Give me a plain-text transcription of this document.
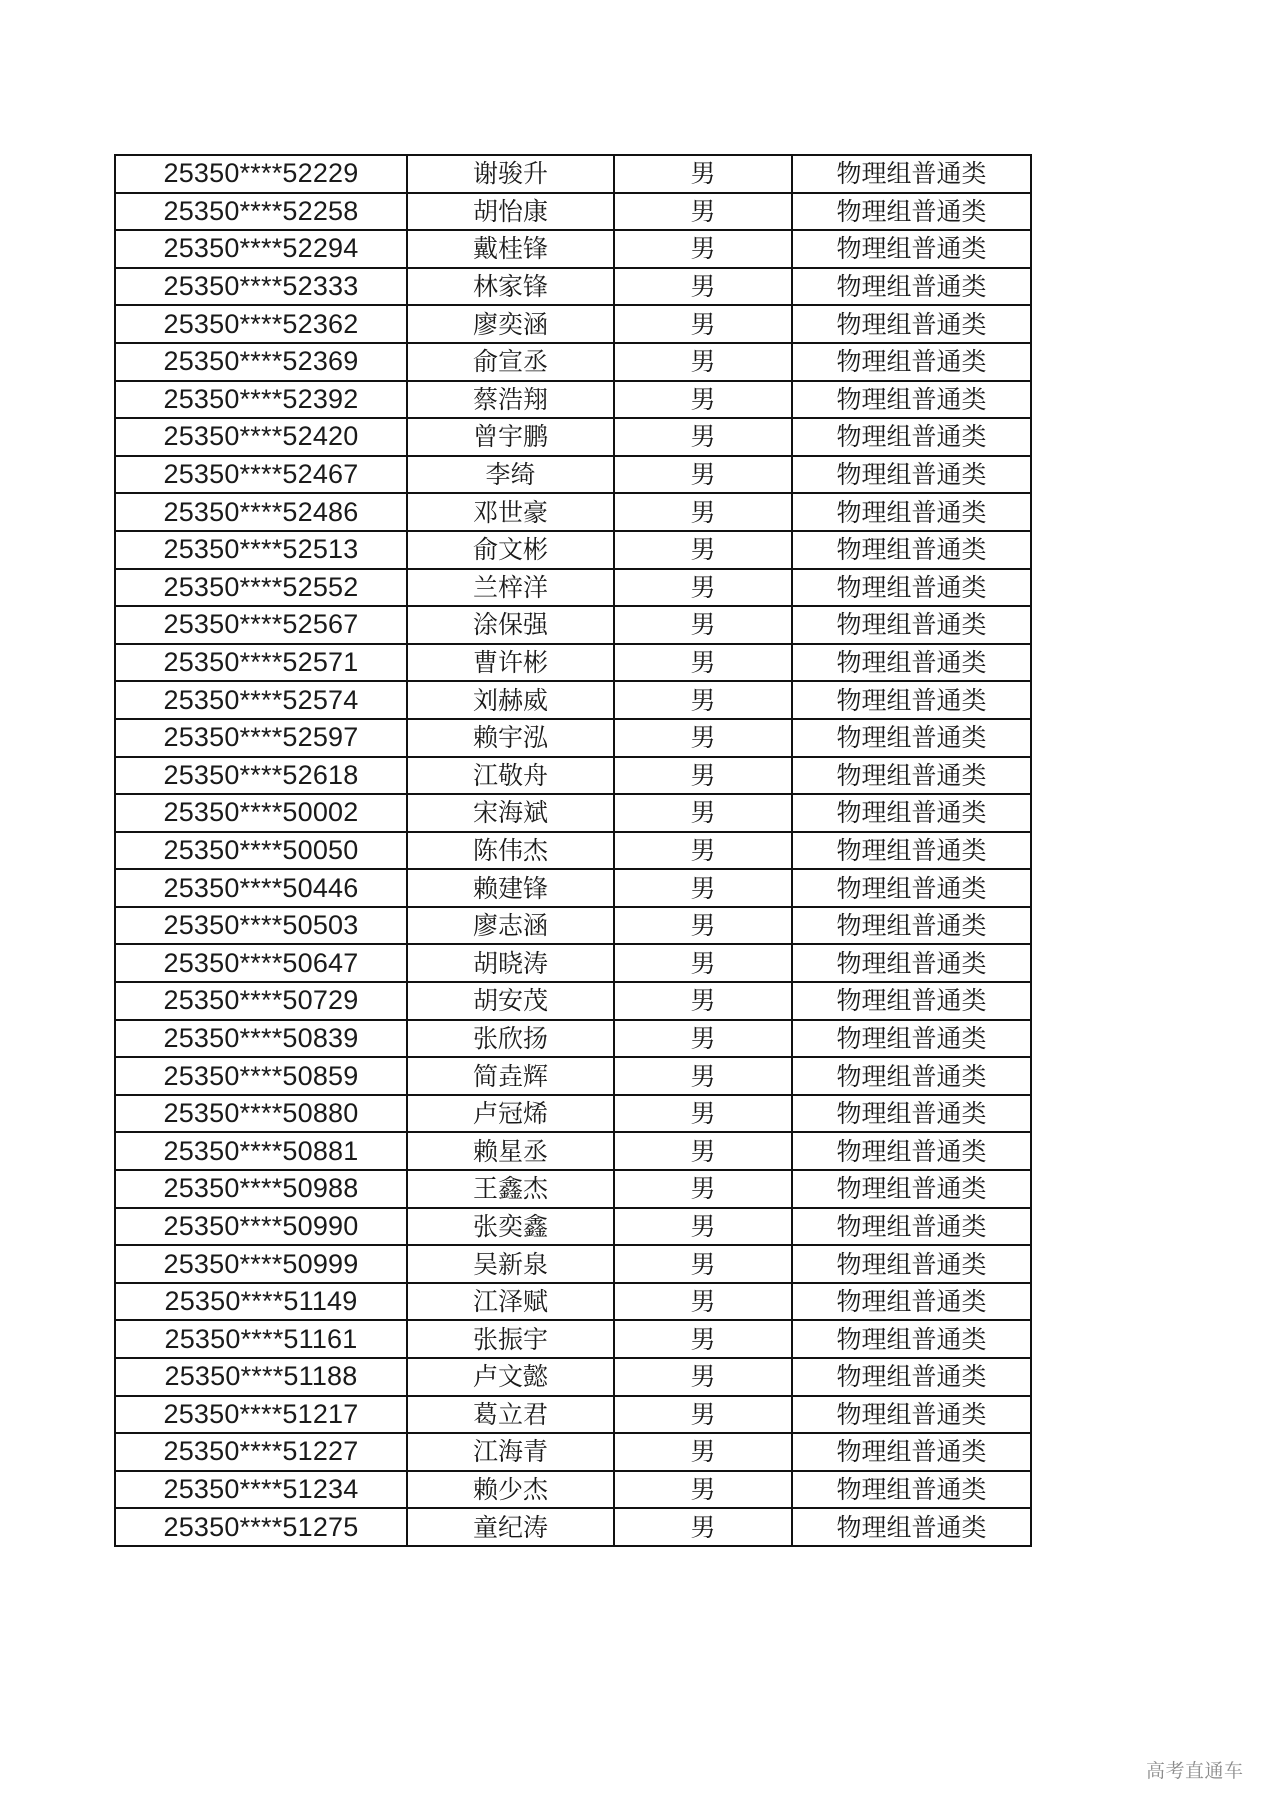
25350****52229	谢骏升	男	物理组普通类
25350****52258	胡怡康	男	物理组普通类
25350****52294	戴桂锋	男	物理组普通类
25350****52333	林家锋	男	物理组普通类
25350****52362	廖奕涵	男	物理组普通类
25350****52369	俞宣丞	男	物理组普通类
25350****52392	蔡浩翔	男	物理组普通类
25350****52420	曾宇鹏	男	物理组普通类
25350****52467	李绮	男	物理组普通类
25350****52486	邓世豪	男	物理组普通类
25350****52513	俞文彬	男	物理组普通类
25350****52552	兰梓洋	男	物理组普通类
25350****52567	涂保强	男	物理组普通类
25350****52571	曹许彬	男	物理组普通类
25350****52574	刘赫威	男	物理组普通类
25350****52597	赖宇泓	男	物理组普通类
25350****52618	江敬舟	男	物理组普通类
25350****50002	宋海斌	男	物理组普通类
25350****50050	陈伟杰	男	物理组普通类
25350****50446	赖建锋	男	物理组普通类
25350****50503	廖志涵	男	物理组普通类
25350****50647	胡晓涛	男	物理组普通类
25350****50729	胡安茂	男	物理组普通类
25350****50839	张欣扬	男	物理组普通类
25350****50859	简垚辉	男	物理组普通类
25350****50880	卢冠烯	男	物理组普通类
25350****50881	赖星丞	男	物理组普通类
25350****50988	王鑫杰	男	物理组普通类
25350****50990	张奕鑫	男	物理组普通类
25350****50999	吴新泉	男	物理组普通类
25350****51149	江泽赋	男	物理组普通类
25350****51161	张振宇	男	物理组普通类
25350****51188	卢文懿	男	物理组普通类
25350****51217	葛立君	男	物理组普通类
25350****51227	江海青	男	物理组普通类
25350****51234	赖少杰	男	物理组普通类
25350****51275	童纪涛	男	物理组普通类
高考直通车
